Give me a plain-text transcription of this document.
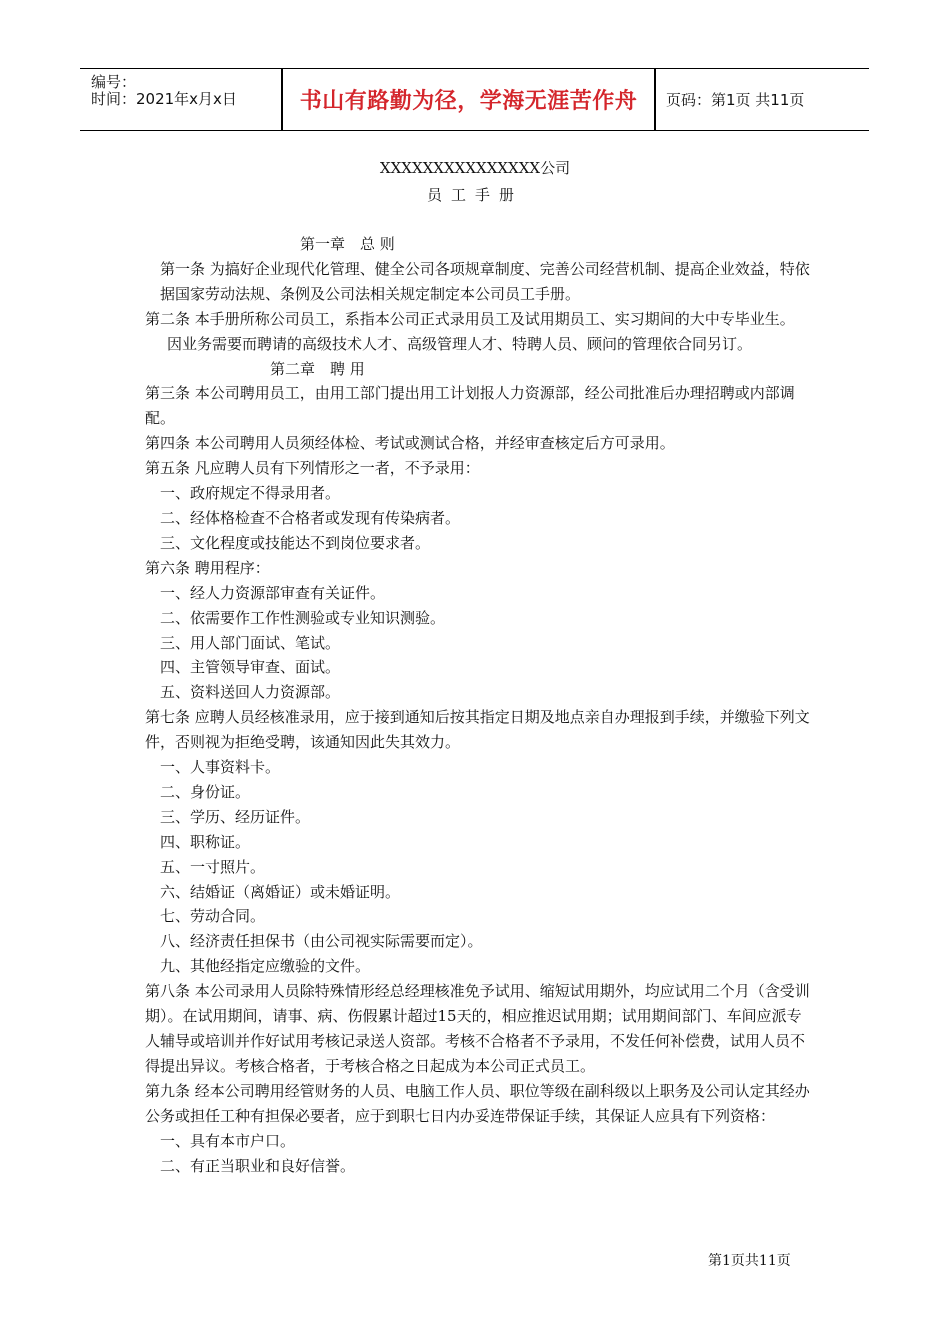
编号：
时间：2021年x月x日	书山有路勤为径，学海无涯苦作舟	页码：第1页 共11页
XXXXXXXXXXXXXXX公司
员工手册

第一章　总 则

第一条 为搞好企业现代化管理、健全公司各项规章制度、完善公司经营机制、提高企业效益，特依据国家劳动法规、条例及公司法相关规定制定本公司员工手册。

第二条 本手册所称公司员工，系指本公司正式录用员工及试用期员工、实习期间的大中专毕业生。

因业务需要而聘请的高级技术人才、高级管理人才、特聘人员、顾问的管理依合同另订。

第二章　聘 用

第三条 本公司聘用员工，由用工部门提出用工计划报人力资源部，经公司批准后办理招聘或内部调配。

第四条 本公司聘用人员须经体检、考试或测试合格，并经审查核定后方可录用。

第五条 凡应聘人员有下列情形之一者，不予录用：

一、政府规定不得录用者。

二、经体格检查不合格者或发现有传染病者。

三、文化程度或技能达不到岗位要求者。

第六条 聘用程序：

一、经人力资源部审查有关证件。

二、依需要作工作性测验或专业知识测验。

三、用人部门面试、笔试。

四、主管领导审查、面试。

五、资料送回人力资源部。

第七条 应聘人员经核准录用，应于接到通知后按其指定日期及地点亲自办理报到手续，并缴验下列文件，否则视为拒绝受聘，该通知因此失其效力。

一、人事资料卡。

二、身份证。

三、学历、经历证件。

四、职称证。

五、一寸照片。

六、结婚证（离婚证）或未婚证明。

七、劳动合同。

八、经济责任担保书（由公司视实际需要而定）。

九、其他经指定应缴验的文件。

第八条 本公司录用人员除特殊情形经总经理核准免予试用、缩短试用期外，均应试用二个月（含受训期）。在试用期间，请事、病、伤假累计超过15天的，相应推迟试用期；试用期间部门、车间应派专人辅导或培训并作好试用考核记录送人资部。考核不合格者不予录用，不发任何补偿费，试用人员不得提出异议。考核合格者，于考核合格之日起成为本公司正式员工。

第九条 经本公司聘用经管财务的人员、电脑工作人员、职位等级在副科级以上职务及公司认定其经办公务或担任工种有担保必要者，应于到职七日内办妥连带保证手续，其保证人应具有下列资格：

一、具有本市户口。

二、有正当职业和良好信誉。

第1页共11页
